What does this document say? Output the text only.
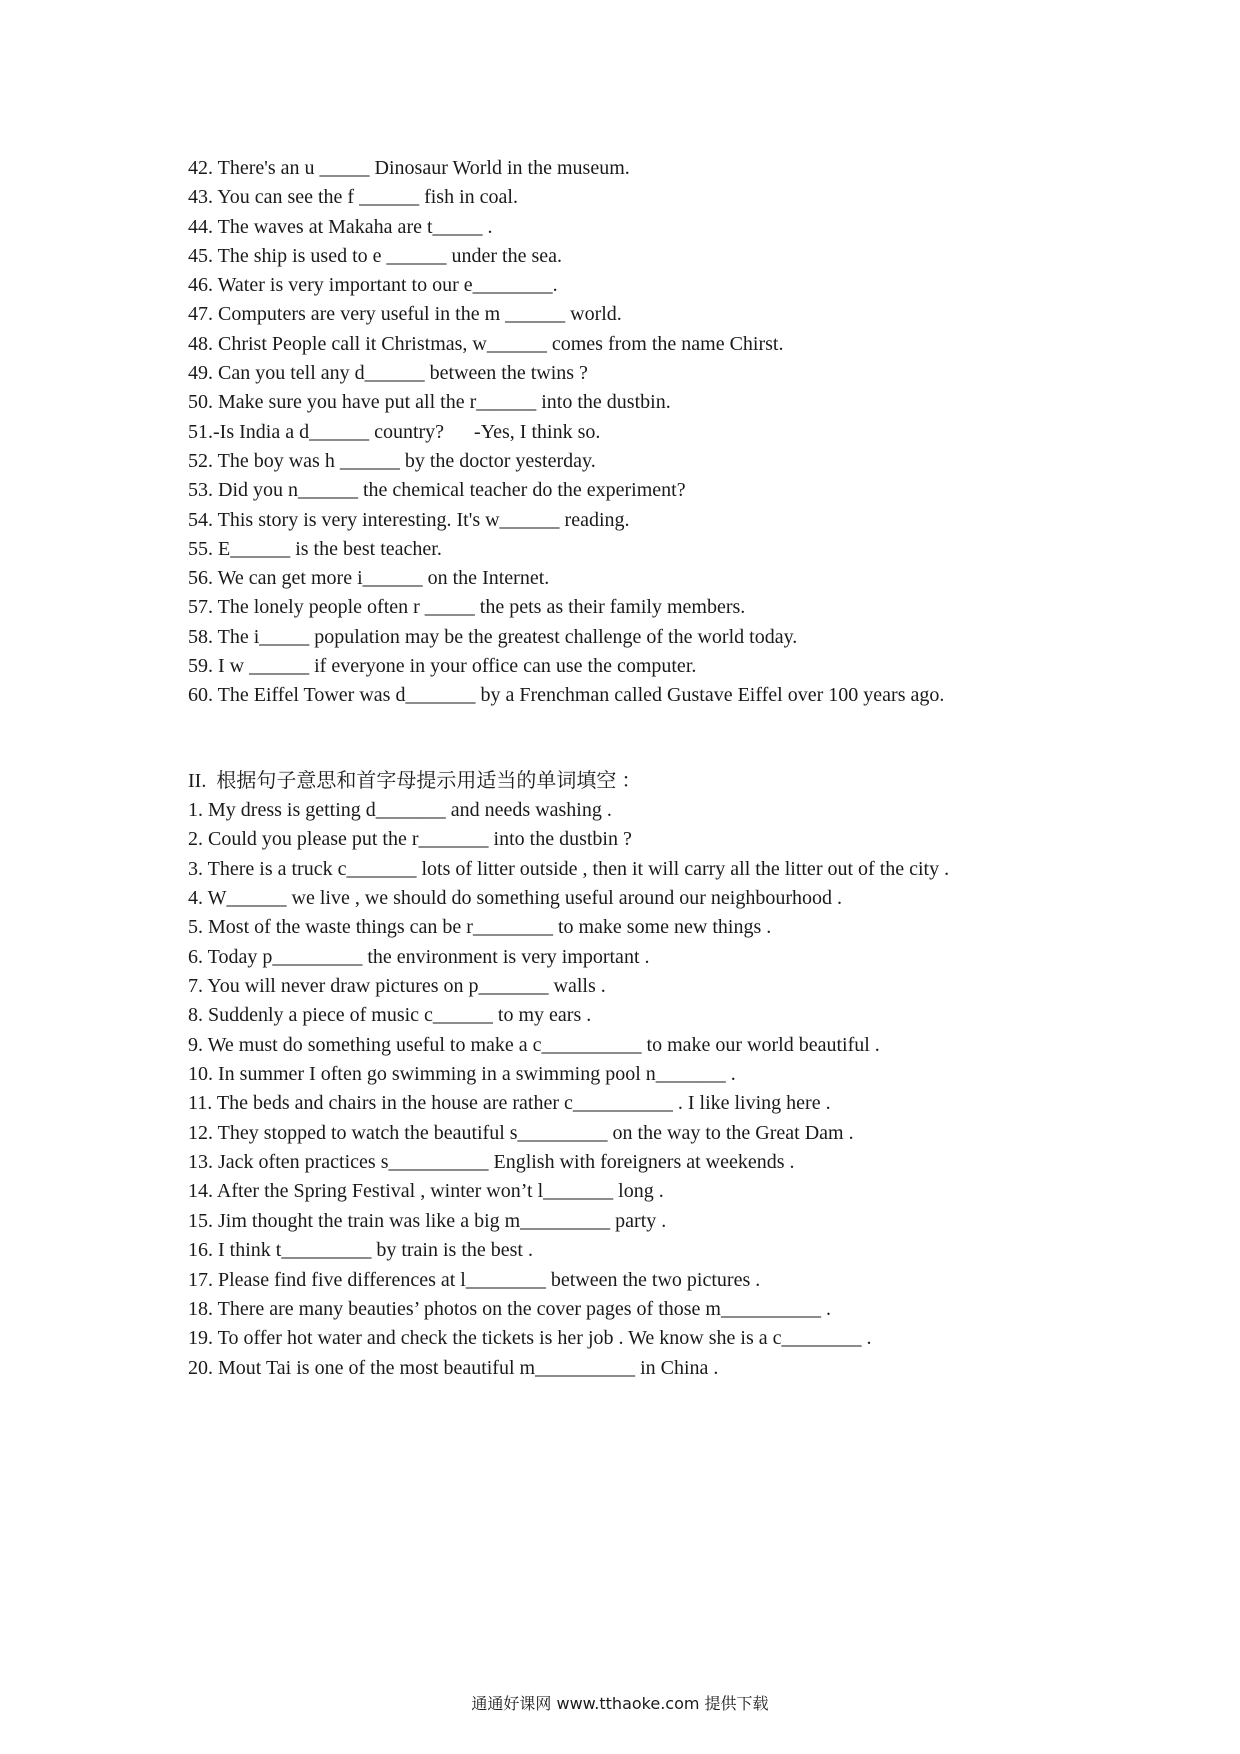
42. There's an u _____ Dinosaur World in the museum.
43. You can see the f ______ fish in coal.
44. The waves at Makaha are t_____ .
45. The ship is used to e ______ under the sea.
46. Water is very important to our e________.
47. Computers are very useful in the m ______ world.
48. Christ People call it Christmas, w______ comes from the name Chirst.
49. Can you tell any d______ between the twins ?
50. Make sure you have put all the r______ into the dustbin.
51.-Is India a d______ country?      -Yes, I think so.
52. The boy was h ______ by the doctor yesterday.
53. Did you n______ the chemical teacher do the experiment?
54. This story is very interesting. It's w______ reading.
55. E______ is the best teacher.
56. We can get more i______ on the Internet.
57. The lonely people often r _____ the pets as their family members.
58. The i_____ population may be the greatest challenge of the world today.
59. I w ______ if everyone in your office can use the computer.
60. The Eiffel Tower was d_______ by a Frenchman called Gustave Eiffel over 100 years ago.
II.  根据句子意思和首字母提示用适当的单词填空 ：
1. My dress is getting d_______ and needs washing .
2. Could you please put the r_______ into the dustbin ?
3. There is a truck c_______ lots of litter outside , then it will carry all the litter out of the city .
4. W______ we live , we should do something useful around our neighbourhood .
5. Most of the waste things can be r________ to make some new things .
6. Today p_________ the environment is very important .
7. You will never draw pictures on p_______ walls .
8. Suddenly a piece of music c______ to my ears .
9. We must do something useful to make a c__________ to make our world beautiful .
10. In summer I often go swimming in a swimming pool n_______ .
11. The beds and chairs in the house are rather c__________ . I like living here .
12. They stopped to watch the beautiful s_________ on the way to the Great Dam .
13. Jack often practices s__________ English with foreigners at weekends .
14. After the Spring Festival , winter won’t l_______ long .
15. Jim thought the train was like a big m_________ party .
16. I think t_________ by train is the best .
17. Please find five differences at l________ between the two pictures .
18. There are many beauties’ photos on the cover pages of those m__________ .
19. To offer hot water and check the tickets is her job . We know she is a c________ .
20. Mout Tai is one of the most beautiful m__________ in China .
通通好课网 www.tthaoke.com 提供下载
